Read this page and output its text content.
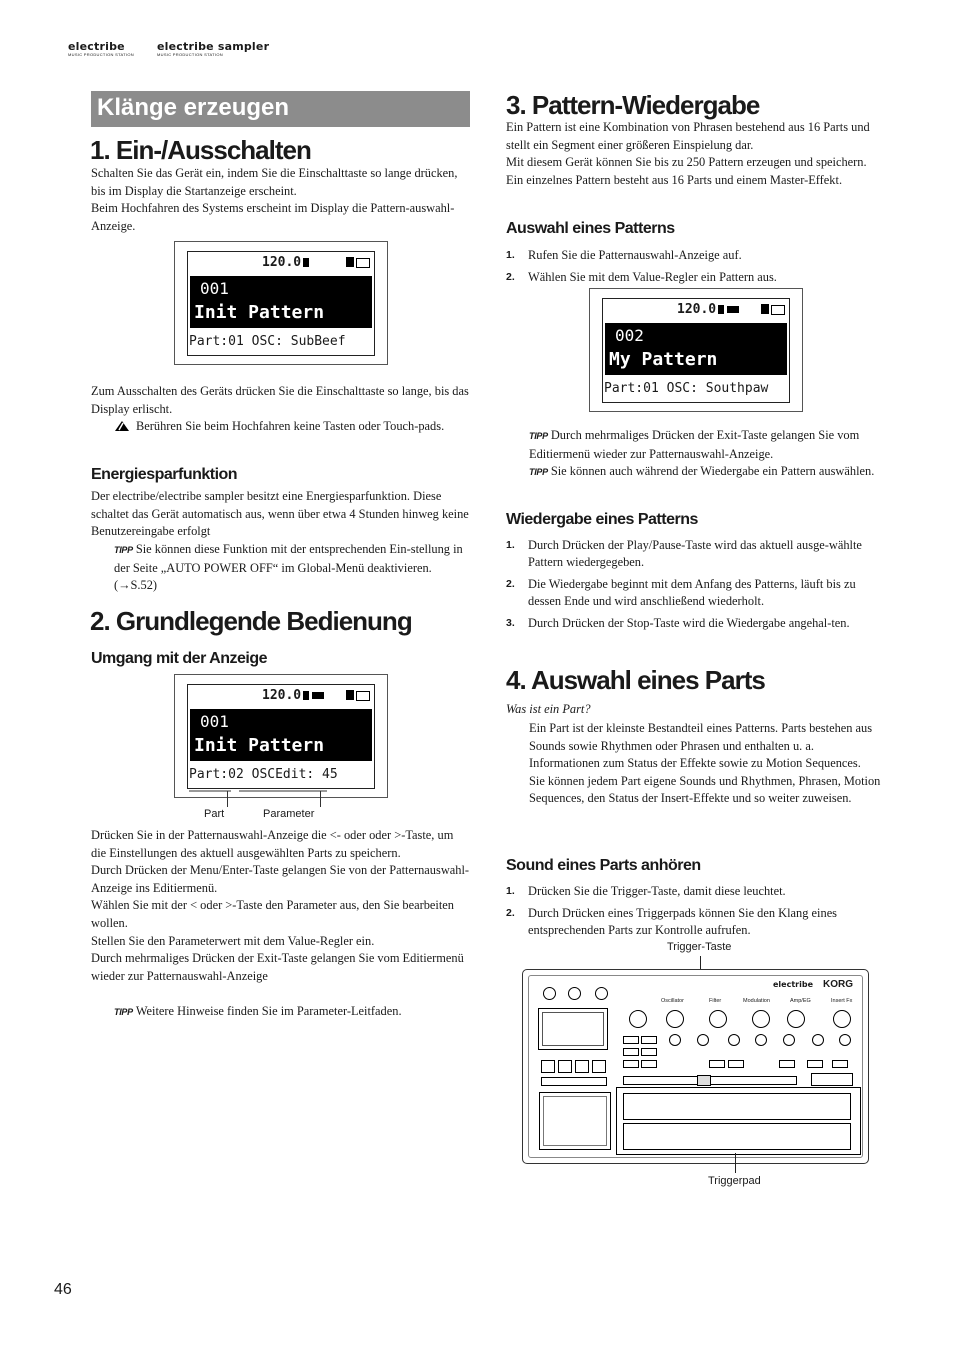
electribe
MUSIC PRODUCTION STATION
electribe sampler
MUSIC PRODUCTION STATION
Klänge erzeugen
1. Ein-/Ausschalten

Schalten Sie das Gerät ein, indem Sie die Einschalttaste so lange drücken, bis im Display die Startanzeige erscheint.

Beim Hochfahren des Systems erscheint im Display die Pattern-auswahl-Anzeige.

120.0
001
Init Pattern
Part:01 OSC: SubBeef

Zum Ausschalten des Geräts drücken Sie die Einschalttaste so lange, bis das Display erlischt.

Berühren Sie beim Hochfahren keine Tasten oder Touch-pads.

Energiesparfunktion

Der electribe/electribe sampler besitzt eine Energiesparfunktion. Diese schaltet das Gerät automatisch aus, wenn über etwa 4 Stunden hinweg keine Benutzereingabe erfolgt

TIPP Sie können diese Funktion mit der entsprechenden Ein-stellung in der Seite „AUTO POWER OFF“ im Global-Menü deaktivieren. (→S.52)

2. Grundlegende Bedienung
Umgang mit der Anzeige
120.0
001
Init Pattern
Part:02 OSCEdit: 45
Part	Parameter

Drücken Sie in der Patternauswahl-Anzeige die <- oder oder >-Taste, um die Einstellungen des aktuell ausgewählten Parts zu speichern.

Durch Drücken der Menu/Enter-Taste gelangen Sie von der Patternauswahl-Anzeige ins Editiermenü.

Wählen Sie mit der < oder >-Taste den Parameter aus, den Sie bearbeiten wollen.

Stellen Sie den Parameterwert mit dem Value-Regler ein.

Durch mehrmaliges Drücken der Exit-Taste gelangen Sie vom Editiermenü wieder zur Patternauswahl-Anzeige

TIPP Weitere Hinweise finden Sie im Parameter-Leitfaden.

3. Pattern-Wiedergabe

Ein Pattern ist eine Kombination von Phrasen bestehend aus 16 Parts und stellt ein Segment einer größeren Einspielung dar.

Mit diesem Gerät können Sie bis zu 250 Pattern erzeugen und speichern. Ein einzelnes Pattern besteht aus 16 Parts und einem Master-Effekt.

Auswahl eines Patterns
1. Rufen Sie die Patternauswahl-Anzeige auf.
2. Wählen Sie mit dem Value-Regler ein Pattern aus.
120.0
002
My Pattern
Part:01 OSC: Southpaw

TIPP Durch mehrmaliges Drücken der Exit-Taste gelangen Sie vom Editiermenü wieder zur Patternauswahl-Anzeige.

TIPP Sie können auch während der Wiedergabe ein Pattern auswählen.

Wiedergabe eines Patterns
1. Durch Drücken der Play/Pause-Taste wird das aktuell ausge-wählte Pattern wiedergegeben.
2. Die Wiedergabe beginnt mit dem Anfang des Patterns, läuft bis zu dessen Ende und wird anschließend wiederholt.
3. Durch Drücken der Stop-Taste wird die Wiedergabe angehal-ten.
4. Auswahl eines Parts

Was ist ein Part?

Ein Part ist der kleinste Bestandteil eines Patterns. Parts bestehen aus Sounds sowie Rhythmen oder Phrasen und enthalten u. a. Informationen zum Status der Effekte sowie zu Motion Sequences.

Sie können jedem Part eigene Sounds und Rhythmen, Phrasen, Motion Sequences, den Status der Insert-Effekte und so weiter zuweisen.

Sound eines Parts anhören
1. Drücken Sie die Trigger-Taste, damit diese leuchtet.
2. Durch Drücken eines Triggerpads können Sie den Klang eines entsprechenden Parts zur Kontrolle aufrufen.
Trigger-Taste
electribe KORG
Oscillator	Filter	Modulation	Amp/EG	Insert Fx
Triggerpad
46
